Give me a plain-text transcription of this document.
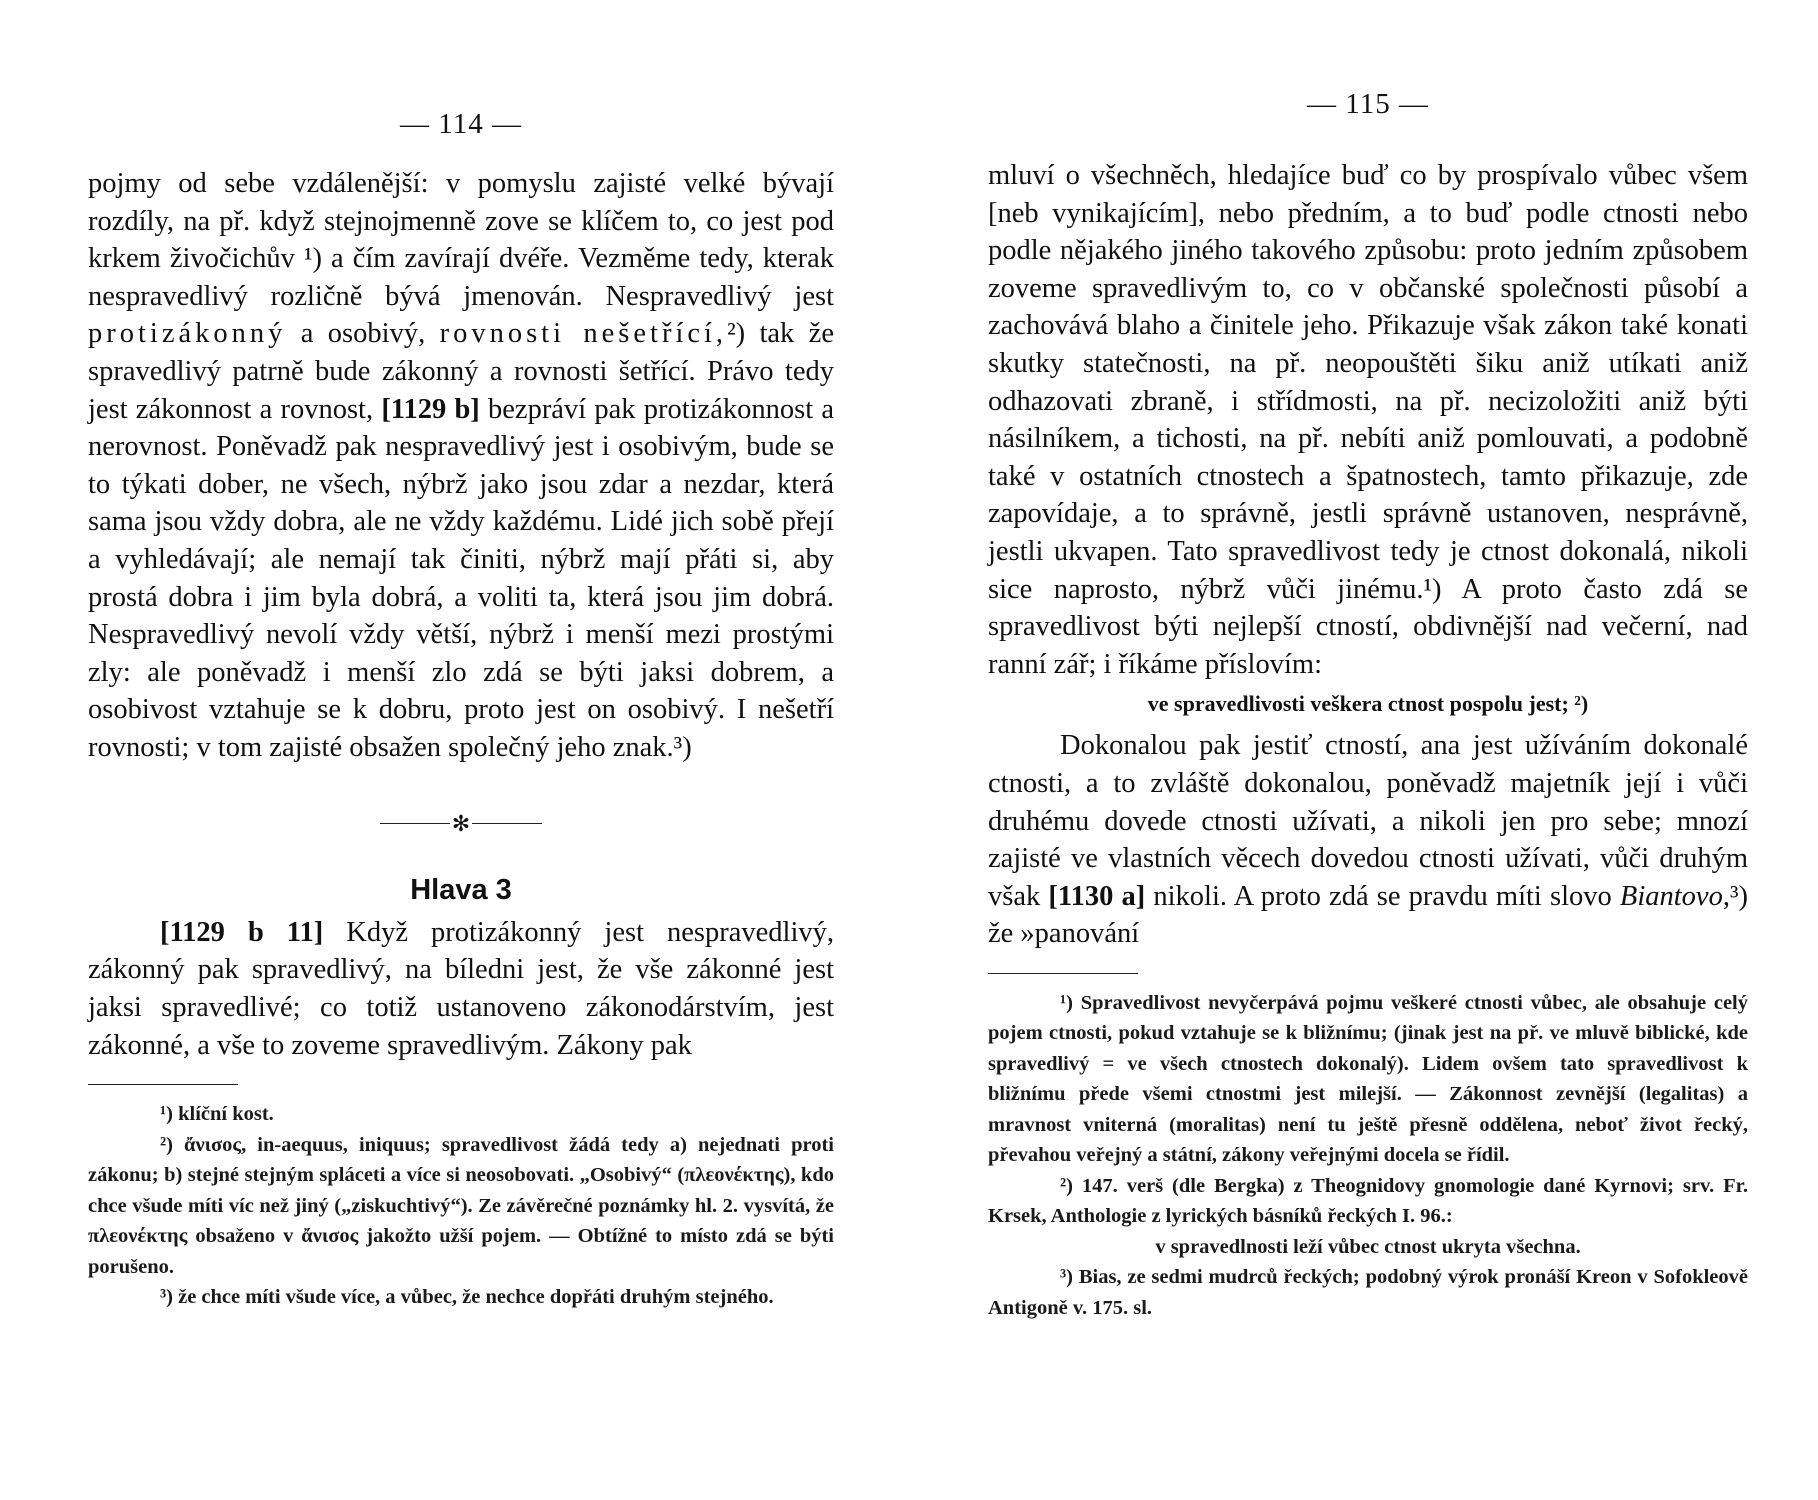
— 114 —

pojmy od sebe vzdálenější: v pomyslu zajisté velké bývají rozdíly, na př. když stejnojmenně zove se klíčem to, co jest pod krkem živočichův ¹) a čím zavírají dvéře. Vezměme tedy, kterak nespravedlivý rozličně bývá jmenován. Nespravedlivý jest protizákonný a osobivý, rovnosti nešetřící,²) tak že spravedlivý patrně bude zákonný a rovnosti šetřící. Právo tedy jest zákonnost a rovnost, [1129 b] bezpráví pak protizákonnost a nerovnost. Poněvadž pak nespravedlivý jest i osobivým, bude se to týkati dober, ne všech, nýbrž jako jsou zdar a nezdar, která sama jsou vždy dobra, ale ne vždy každému. Lidé jich sobě přejí a vyhledávají; ale nemají tak činiti, nýbrž mají přáti si, aby prostá dobra i jim byla dobrá, a voliti ta, která jsou jim dobrá. Nespravedlivý nevolí vždy větší, nýbrž i menší mezi prostými zly: ale poněvadž i menší zlo zdá se býti jaksi dobrem, a osobivost vztahuje se k dobru, proto jest on osobivý. I nešetří rovnosti; v tom zajisté obsažen společný jeho znak.³)

✻
Hlava 3

[1129 b 11] Když protizákonný jest nespravedlivý, zákonný pak spravedlivý, na bíledni jest, že vše zákonné jest jaksi spravedlivé; co totiž ustanoveno zákonodárstvím, jest zákonné, a vše to zoveme spravedlivým. Zákony pak

¹) klíční kost.

²) ἄνισος, in-aequus, iniquus; spravedlivost žádá tedy a) nejednati proti zákonu; b) stejné stejným spláceti a více si neosobovati. „Osobivý“ (πλεονέκτης), kdo chce všude míti víc než jiný („ziskuchtivý“). Ze závěrečné poznámky hl. 2. vysvítá, že πλεονέκτης obsaženo v ἄνισος jakožto užší pojem. — Obtížné to místo zdá se býti porušeno.

³) že chce míti všude více, a vůbec, že nechce dopřáti druhým stejného.

— 115 —

mluví o všechněch, hledajíce buď co by prospívalo vůbec všem [neb vynikajícím], nebo předním, a to buď podle ctnosti nebo podle nějakého jiného takového způsobu: proto jedním způsobem zoveme spravedlivým to, co v občanské společnosti působí a zachovává blaho a činitele jeho. Přikazuje však zákon také konati skutky statečnosti, na př. neopouštěti šiku aniž utíkati aniž odhazovati zbraně, i střídmosti, na př. necizoložiti aniž býti násilníkem, a tichosti, na př. nebíti aniž pomlouvati, a podobně také v ostatních ctnostech a špatnostech, tamto přikazuje, zde zapovídaje, a to správně, jestli správně ustanoven, nesprávně, jestli ukvapen. Tato spravedlivost tedy je ctnost dokonalá, nikoli sice naprosto, nýbrž vůči jinému.¹) A proto často zdá se spravedlivost býti nejlepší ctností, obdivnější nad večerní, nad ranní zář; i říkáme příslovím:

ve spravedlivosti veškera ctnost pospolu jest; ²)

Dokonalou pak jestiť ctností, ana jest užíváním dokonalé ctnosti, a to zvláště dokonalou, poněvadž majetník její i vůči druhému dovede ctnosti užívati, a nikoli jen pro sebe; mnozí zajisté ve vlastních věcech dovedou ctnosti užívati, vůči druhým však [1130 a] nikoli. A proto zdá se pravdu míti slovo Biantovo,³) že »panování

¹) Spravedlivost nevyčerpává pojmu veškeré ctnosti vůbec, ale obsahuje celý pojem ctnosti, pokud vztahuje se k bližnímu; (jinak jest na př. ve mluvě biblické, kde spravedlivý = ve všech ctnostech dokonalý). Lidem ovšem tato spravedlivost k bližnímu přede všemi ctnostmi jest milejší. — Zákonnost zevnější (legalitas) a mravnost vniterná (moralitas) není tu ještě přesně oddělena, neboť život řecký, převahou veřejný a státní, zákony veřejnými docela se řídil.

²) 147. verš (dle Bergka) z Theognidovy gnomologie dané Kyrnovi; srv. Fr. Krsek, Anthologie z lyrických básníků řeckých I. 96.:

v spravedlnosti leží vůbec ctnost ukryta všechna.

³) Bias, ze sedmi mudrců řeckých; podobný výrok pronáší Kreon v Sofokleově Antigoně v. 175. sl.
